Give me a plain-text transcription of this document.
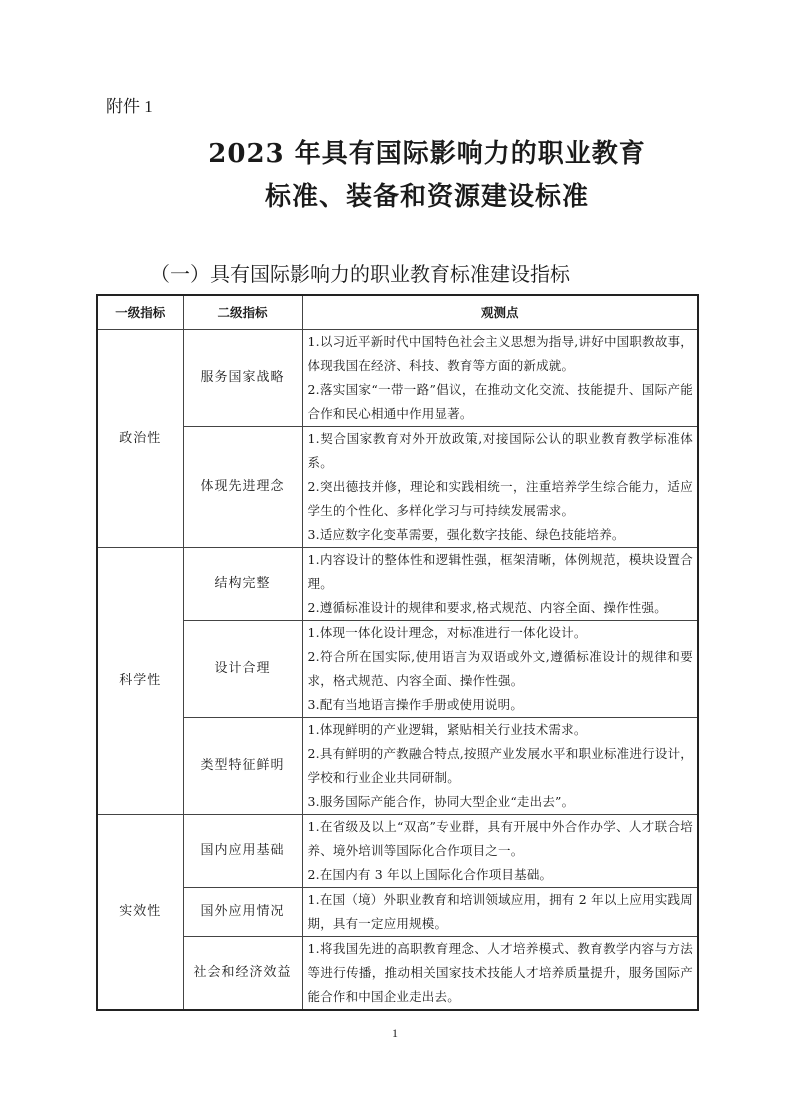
附件 1
2023 年具有国际影响力的职业教育
标准、装备和资源建设标准
（一）具有国际影响力的职业教育标准建设指标
一级指标	二级指标	观测点
政治性	服务国家战略	1.以习近平新时代中国特色社会主义思想为指导,讲好中国职教故事，体现我国在经济、科技、教育等方面的新成就。
2.落实国家“一带一路”倡议，在推动文化交流、技能提升、国际产能合作和民心相通中作用显著。

	体现先进理念	1.契合国家教育对外开放政策,对接国际公认的职业教育教学标准体系。
2.突出德技并修，理论和实践相统一，注重培养学生综合能力，适应学生的个性化、多样化学习与可持续发展需求。
3.适应数字化变革需要，强化数字技能、绿色技能培养。

科学性	结构完整	1.内容设计的整体性和逻辑性强，框架清晰，体例规范，模块设置合理。
2.遵循标准设计的规律和要求,格式规范、内容全面、操作性强。

	设计合理	1.体现一体化设计理念，对标准进行一体化设计。
2.符合所在国实际,使用语言为双语或外文,遵循标准设计的规律和要求，格式规范、内容全面、操作性强。
3.配有当地语言操作手册或使用说明。

	类型特征鲜明	1.体现鲜明的产业逻辑，紧贴相关行业技术需求。
2.具有鲜明的产教融合特点,按照产业发展水平和职业标准进行设计，学校和行业企业共同研制。
3.服务国际产能合作，协同大型企业“走出去”。

实效性	国内应用基础	1.在省级及以上“双高”专业群，具有开展中外合作办学、人才联合培养、境外培训等国际化合作项目之一。
2.在国内有 3 年以上国际化合作项目基础。

	国外应用情况	1.在国（境）外职业教育和培训领域应用，拥有 2 年以上应用实践周期，具有一定应用规模。

	社会和经济效益	1.将我国先进的高职教育理念、人才培养模式、教育教学内容与方法等进行传播，推动相关国家技术技能人才培养质量提升，服务国际产能合作和中国企业走出去。
1
